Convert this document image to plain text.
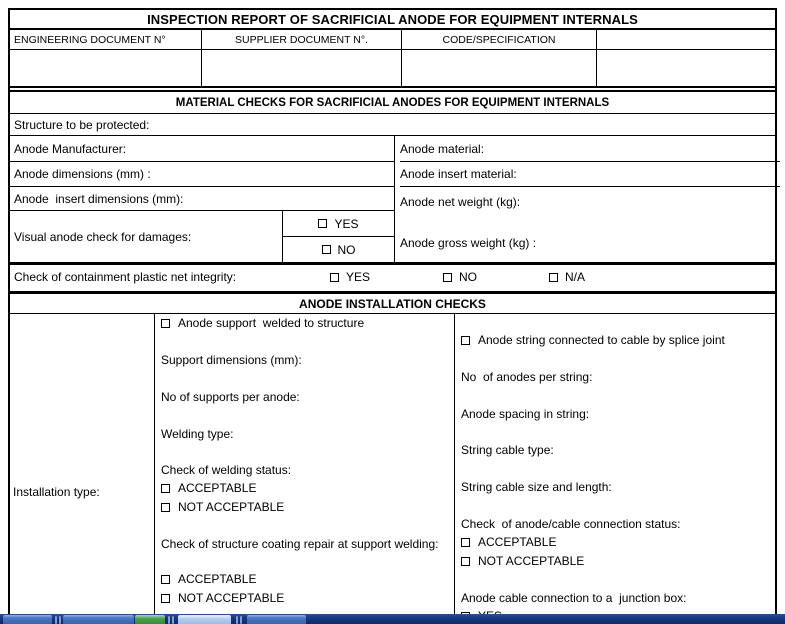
INSPECTION REPORT OF SACRIFICIAL ANODE FOR EQUIPMENT INTERNALS
ENGINEERING DOCUMENT N°	SUPPLIER DOCUMENT N°.	CODE/SPECIFICATION
MATERIAL CHECKS FOR SACRIFICIAL ANODES FOR EQUIPMENT INTERNALS
Structure to be protected:
Anode Manufacturer:
Anode dimensions (mm) :
Anode  insert dimensions (mm):
Visual anode check for damages:
YES
NO
Anode material:
Anode insert material:
Anode net weight (kg):
Anode gross weight (kg) :
Check of containment plastic net integrity:	YES	NO	N/A
ANODE INSTALLATION CHECKS
Installation type:
Anode support  welded to structure
Support dimensions (mm):
No of supports per anode:
Welding type:
Check of welding status:
ACCEPTABLE
NOT ACCEPTABLE
Check of structure coating repair at support welding:
ACCEPTABLE
NOT ACCEPTABLE
Anode string connected to cable by splice joint
No  of anodes per string:
Anode spacing in string:
String cable type:
String cable size and length:
Check  of anode/cable connection status:
ACCEPTABLE
NOT ACCEPTABLE
Anode cable connection to a  junction box:
